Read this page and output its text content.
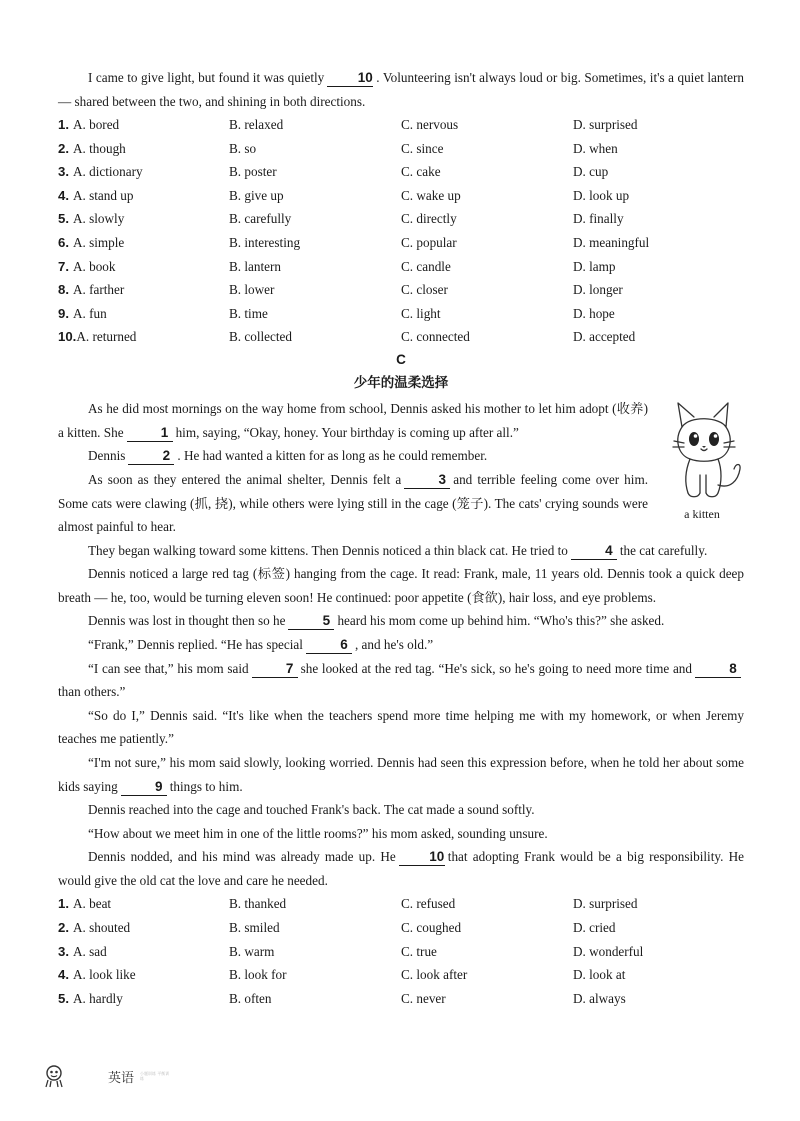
I came to give light, but found it was quietly 10 . Volunteering isn't always loud or big. Sometimes, it's a quiet lantern — shared between the two, and shining in both directions.

1. A. bored	B. relaxed	C. nervous	D. surprised
2. A. though	B. so	C. since	D. when
3. A. dictionary	B. poster	C. cake	D. cup
4. A. stand up	B. give up	C. wake up	D. look up
5. A. slowly	B. carefully	C. directly	D. finally
6. A. simple	B. interesting	C. popular	D. meaningful
7. A. book	B. lantern	C. candle	D. lamp
8. A. farther	B. lower	C. closer	D. longer
9. A. fun	B. time	C. light	D. hope
10.A. returned	B. collected	C. connected	D. accepted
C
少年的温柔选择

As he did most mornings on the way home from school, Dennis asked his mother to let him adopt (收养) a kitten. She	1 him, saying, “Okay, honey. Your birthday is coming up after all.”

Dennis	2 . He had wanted a kitten for as long as he could remember.

As soon as they entered the animal shelter, Dennis felt a	3 and terrible feeling come over him. Some cats were clawing (抓, 挠), while others were lying still in the cage (笼子). The cats' crying sounds were almost painful to hear.

a kitten

They began walking toward some kittens. Then Dennis noticed a thin black cat. He tried to	4 the cat carefully.

Dennis noticed a large red tag (标签) hanging from the cage. It read: Frank, male, 11 years old. Dennis took a quick deep breath — he, too, would be turning eleven soon! He continued: poor appetite (食欲), hair loss, and eye problems.

Dennis was lost in thought then so he	5 heard his mom come up behind him. “Who's this?” she asked.

“Frank,” Dennis replied. “He has special	6 , and he's old.”

“I can see that,” his mom said	7 she looked at the red tag. “He's sick, so he's going to need more time and	8than others.”

“So do I,” Dennis said. “It's like when the teachers spend more time helping me with my homework, or when Jeremy teaches me patiently.”

“I'm not sure,” his mom said slowly, looking worried. Dennis had seen this expression before, when he told her about some kids saying	9 things to him.

Dennis reached into the cage and touched Frank's back. The cat made a sound softly.

“How about we meet him in one of the little rooms?” his mom asked, sounding unsure.

Dennis nodded, and his mind was already made up. He 10 that adopting Frank would be a big responsibility. He would give the old cat the love and care he needed.

1. A. beat	B. thanked	C. refused	D. surprised
2. A. shouted	B. smiled	C. coughed	D. cried
3. A. sad	B. warm	C. true	D. wonderful
4. A. look like	B. look for	C. look after	D. look at
5. A. hardly	B. often	C. never	D. always
英语 小题训练 平衡训练
